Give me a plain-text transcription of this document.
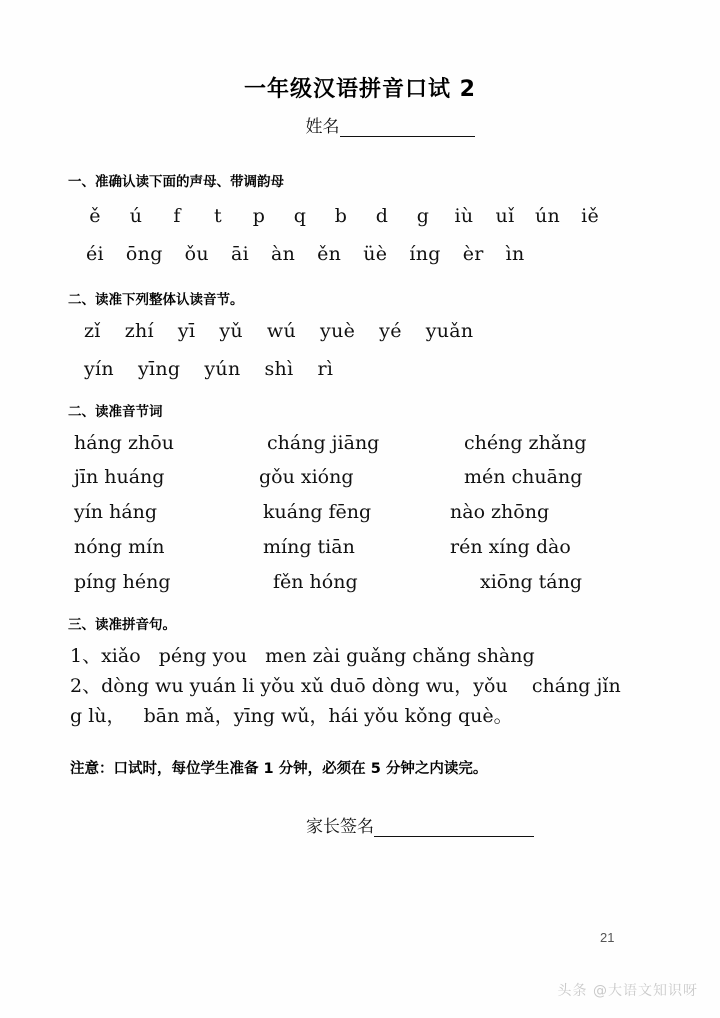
一年级汉语拼音口试 2
姓名
一、准确认读下面的声母、带调韵母
ě ú f t p q b d g iù uǐ ún iě
éi ōng ǒu āi àn ěn üè íng èr ìn
二、读准下列整体认读音节。
zǐ zhí yī yǔ wú yuè yé yuǎn
yín yīng yún shì rì
二、读准音节词
háng zhōu	cháng jiāng	chéng zhǎng
jīn huáng	gǒu xióng	mén chuāng
yín háng	kuáng fēng	nào zhōng
nóng mín	míng tiān	rén xíng dào
píng héng	fěn hóng	xiōng táng
三、读准拼音句。
1、xiǎo   péng you   men zài guǎng chǎng shàng
2、dòng wu yuán li yǒu xǔ duō dòng wu，yǒu    cháng jǐn
g lù，   bān mǎ，yīng wǔ，hái yǒu kǒng què。
注意：口试时，每位学生准备 1 分钟，必须在 5 分钟之内读完。
家长签名
21
头条 @大语文知识呀
